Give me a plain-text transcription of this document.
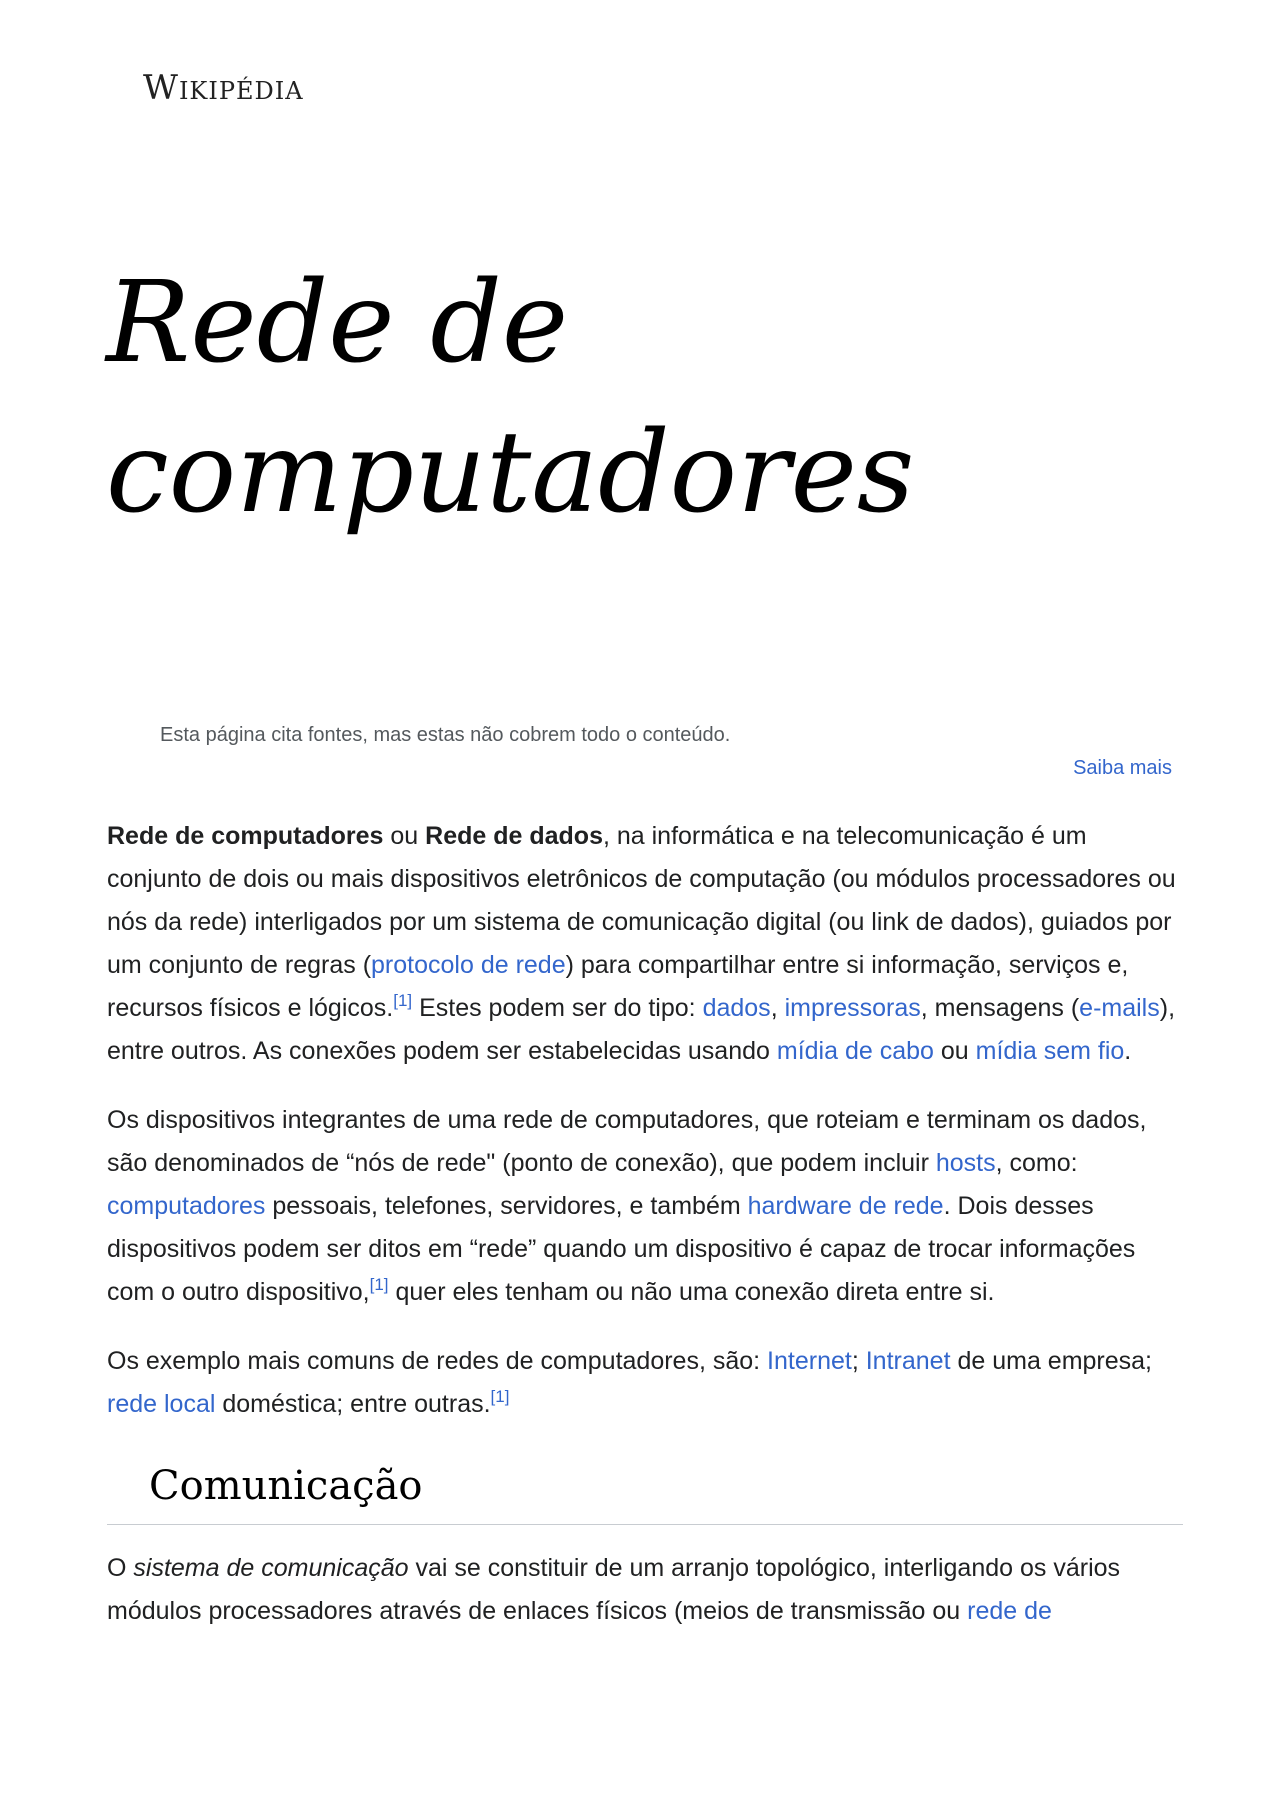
Wikipédia
Rede de
computadores
Esta página cita fontes, mas estas não cobrem todo o conteúdo.
Saiba mais

Rede de computadores ou Rede de dados, na informática e na telecomunicação é um conjunto de dois ou mais dispositivos eletrônicos de computação (ou módulos processadores ou nós da rede) interligados por um sistema de comunicação digital (ou link de dados), guiados por um conjunto de regras (protocolo de rede) para compartilhar entre si informação, serviços e, recursos físicos e lógicos.[1] Estes podem ser do tipo: dados, impressoras, mensagens (e-mails), entre outros. As conexões podem ser estabelecidas usando mídia de cabo ou mídia sem fio.

Os dispositivos integrantes de uma rede de computadores, que roteiam e terminam os dados, são denominados de “nós de rede" (ponto de conexão), que podem incluir hosts, como: computadores pessoais, telefones, servidores, e também hardware de rede. Dois desses dispositivos podem ser ditos em “rede” quando um dispositivo é capaz de trocar informações com o outro dispositivo,[1] quer eles tenham ou não uma conexão direta entre si.

Os exemplo mais comuns de redes de computadores, são: Internet; Intranet de uma empresa; rede local doméstica; entre outras.[1]

Comunicação

O sistema de comunicação vai se constituir de um arranjo topológico, interligando os vários módulos processadores através de enlaces físicos (meios de transmissão ou rede de
